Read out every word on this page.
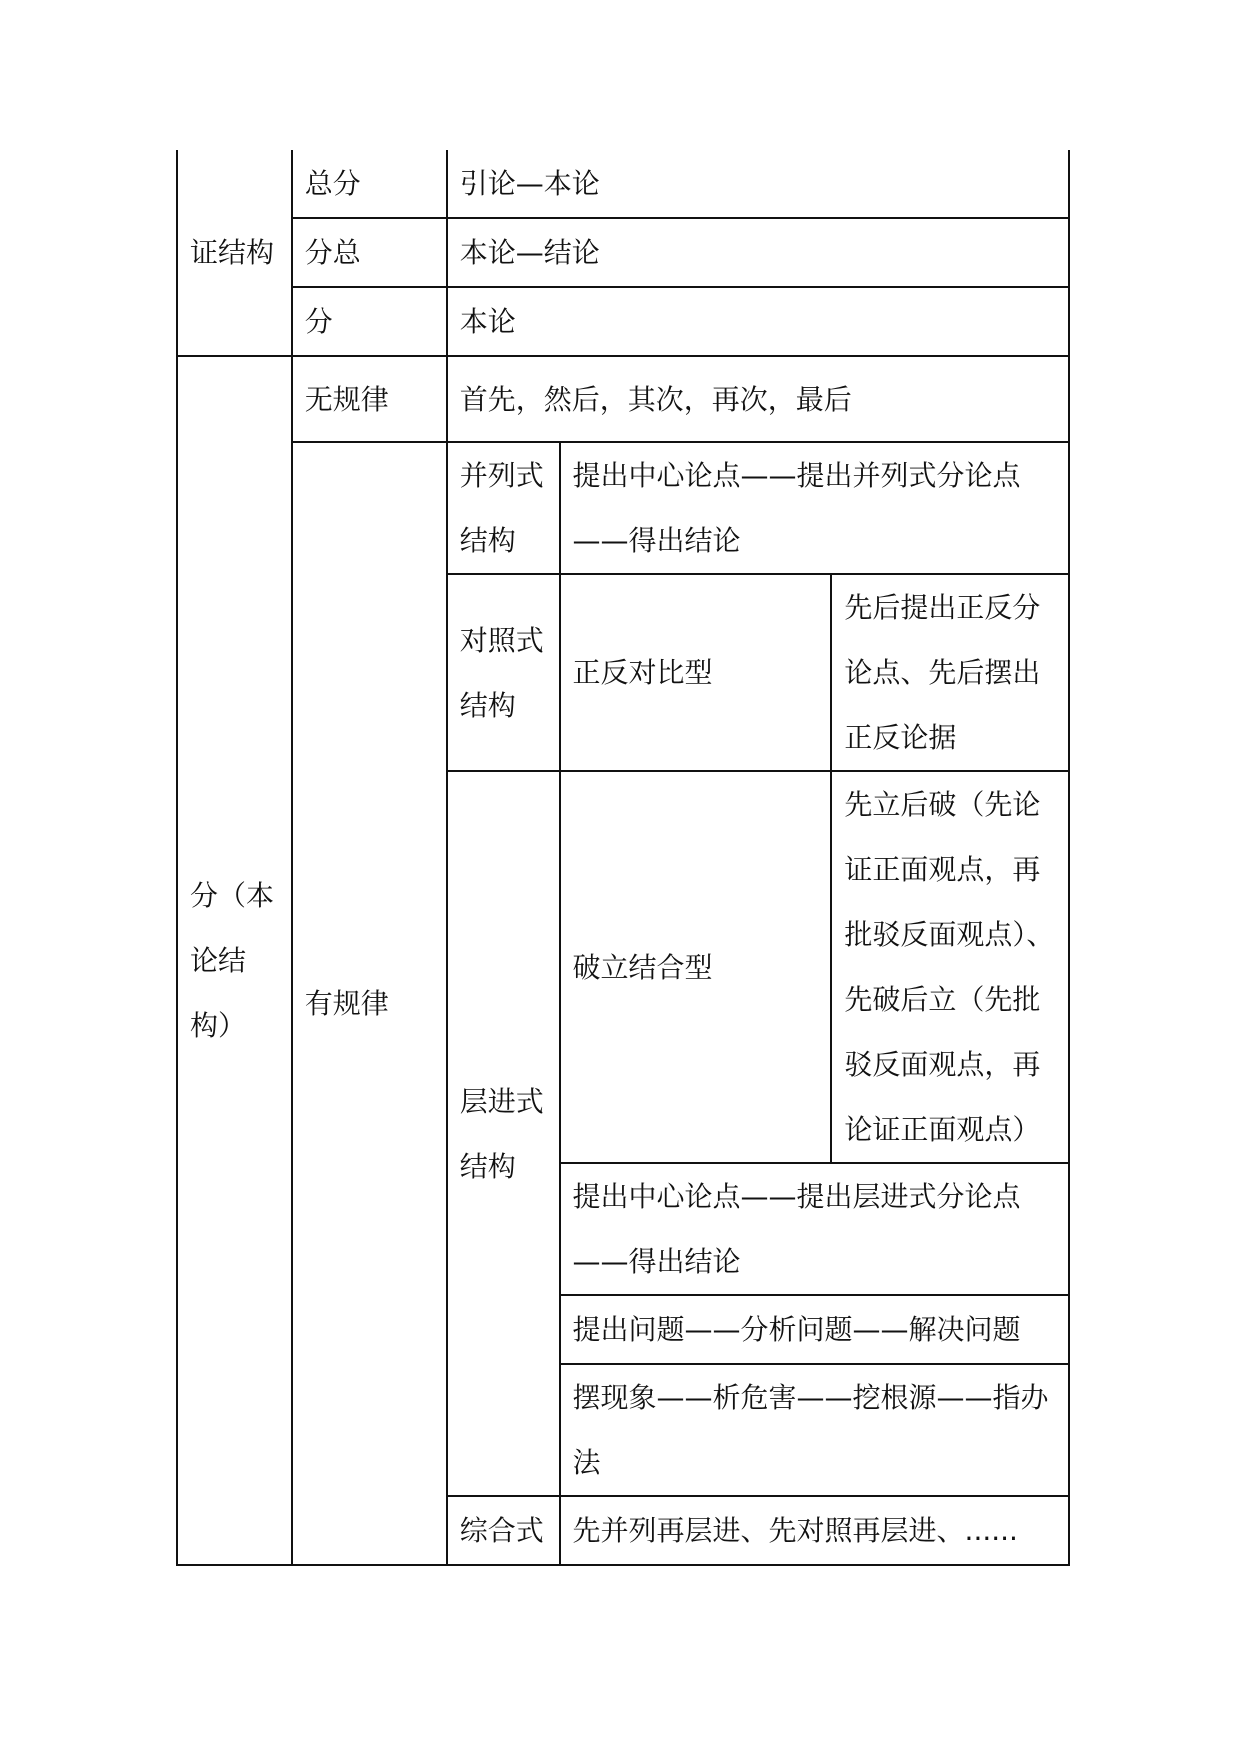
证结构	总分	引论—本论		
	分总	本论—结论		
	分	本论		
分（本论结构）	无规律	首先，然后，其次，再次，最后		
	有规律	并列式结构	提出中心论点——提出并列式分论点——得出结论	
		对照式结构	正反对比型	先后提出正反分论点、先后摆出正反论据
		层进式结构	破立结合型	先立后破（先论证正面观点，再批驳反面观点）、先破后立（先批驳反面观点，再论证正面观点）
			提出中心论点——提出层进式分论点——得出结论	
			提出问题——分析问题——解决问题	
			摆现象——析危害——挖根源——指办法	
		综合式	先并列再层进、先对照再层进、......	
